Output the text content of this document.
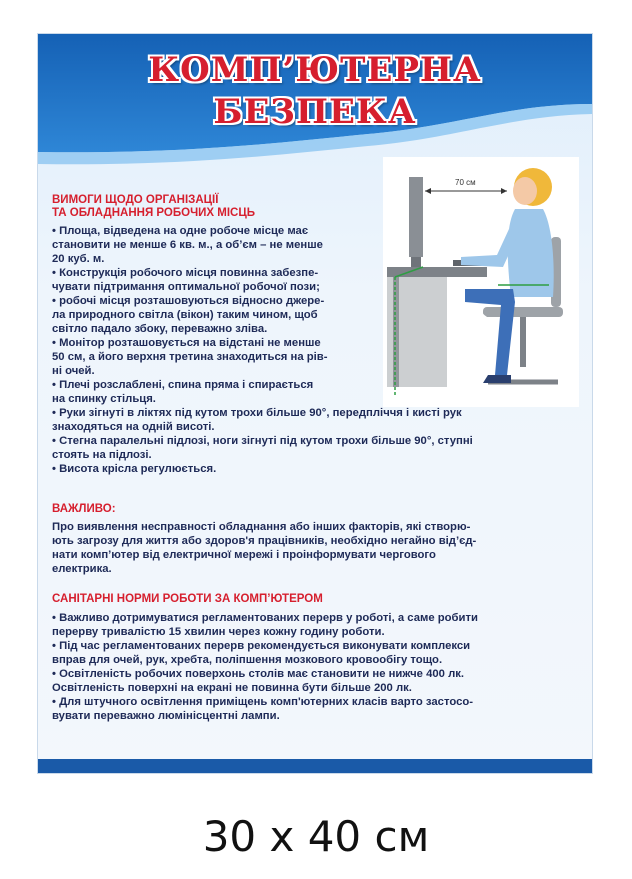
КОМП’ЮТЕРНА
БЕЗПЕКА
70 см
90°
ВИМОГИ ЩОДО ОРГАНІЗАЦІЇ
ТА ОБЛАДНАННЯ РОБОЧИХ МІСЦЬ

• Площа, відведена на одне робоче місце має

становити не менше 6 кв. м., а об’єм – не менше

20 куб. м.

• Конструкція робочого місця повинна забезпе-

чувати підтримання оптимальної робочої пози;

• робочі місця розташовуються відносно джере-

ла природного світла (вікон) таким чином, щоб

світло падало збоку, переважно зліва.

• Монітор розташовується на відстані не менше

50 см, а його верхня третина знаходиться на рів-

ні очей.

• Плечі розслаблені, спина пряма і спирається

на спинку стільця.

• Руки зігнуті в ліктях під кутом трохи більше 90°, передпліччя і кисті рук

знаходяться на одній висоті.

• Стегна паралельні підлозі, ноги зігнуті під кутом трохи більше 90°, ступні

стоять на підлозі.

• Висота крісла регулюється.

ВАЖЛИВО:

Про виявлення несправності обладнання або інших факторів, які створю-

ють загрозу для життя або здоров'я працівників, необхідно негайно від’єд-

нати комп’ютер від електричної мережі і проінформувати чергового

електрика.

САНІТАРНІ НОРМИ РОБОТИ ЗА КОМП’ЮТЕРОМ

• Важливо дотримуватися регламентованих перерв у роботі, а саме робити

перерву тривалістю 15 хвилин через кожну годину роботи.

• Під час регламентованих перерв рекомендується виконувати комплекси

вправ для очей, рук, хребта, поліпшення мозкового кровообігу тощо.

• Освітленість робочих поверхонь столів має становити не нижче 400 лк.

Освітленість поверхні на екрані не повинна бути більше 200 лк.

• Для штучного освітлення приміщень комп'ютерних класів варто застосо-

вувати переважно люмінісцентні лампи.

30 x 40 см
